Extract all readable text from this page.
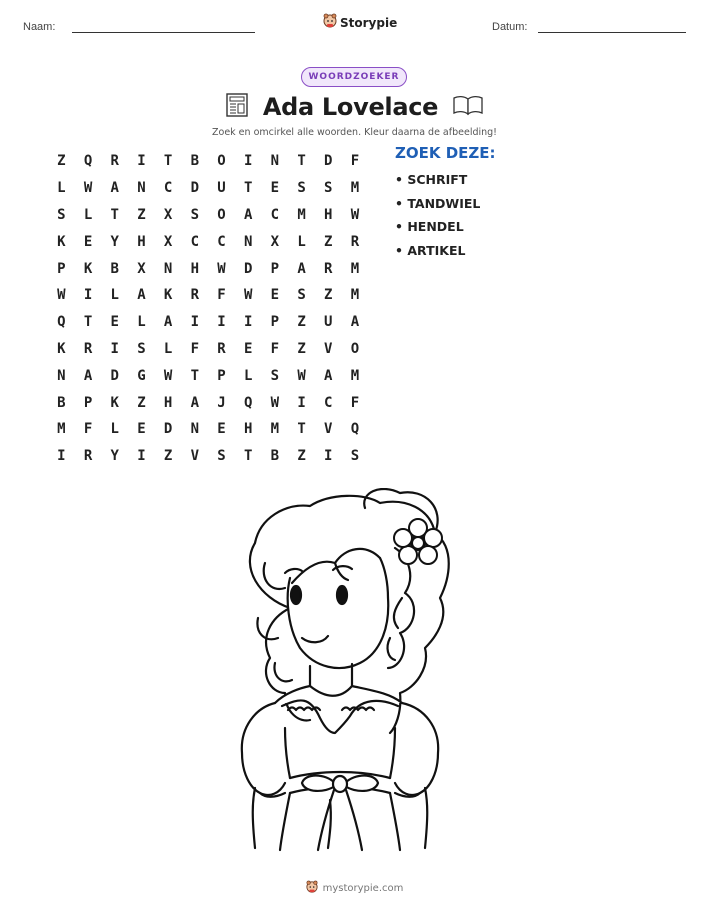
Naam:	Storypie	Datum:
WOORDZOEKER
Ada Lovelace
Zoek en omcirkel alle woorden. Kleur daarna de afbeelding!
Z	Q	R	I	T	B	O	I	N	T	D	F
L	W	A	N	C	D	U	T	E	S	S	M
S	L	T	Z	X	S	O	A	C	M	H	W
K	E	Y	H	X	C	C	N	X	L	Z	R
P	K	B	X	N	H	W	D	P	A	R	M
W	I	L	A	K	R	F	W	E	S	Z	M
Q	T	E	L	A	I	I	I	P	Z	U	A
K	R	I	S	L	F	R	E	F	Z	V	O
N	A	D	G	W	T	P	L	S	W	A	M
B	P	K	Z	H	A	J	Q	W	I	C	F
M	F	L	E	D	N	E	H	M	T	V	Q
I	R	Y	I	Z	V	S	T	B	Z	I	S
ZOEK DEZE:
• SCHRIFT
• TANDWIEL
• HENDEL
• ARTIKEL
mystorypie.com
